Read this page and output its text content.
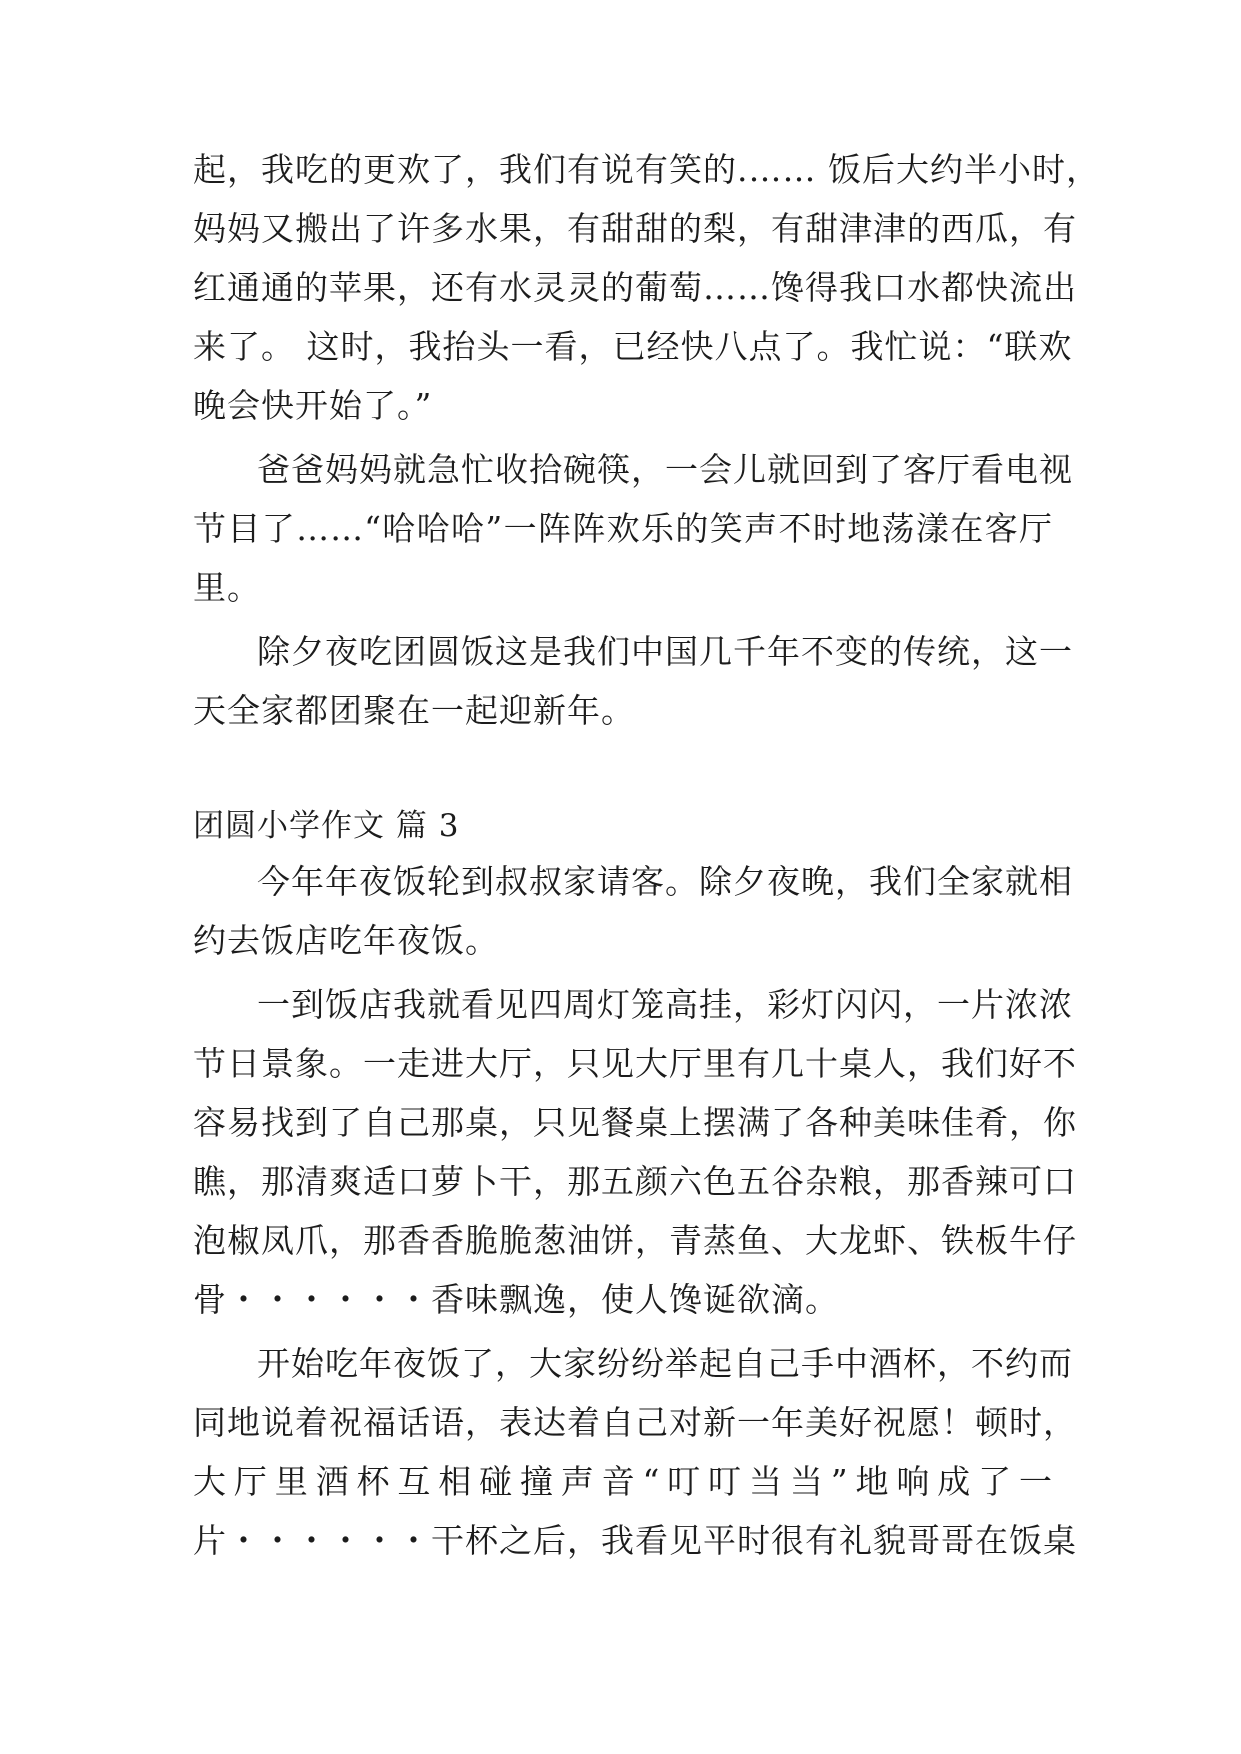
起，我吃的更欢了，我们有说有笑的.…… 饭后大约半小时，
妈妈又搬出了许多水果，有甜甜的梨，有甜津津的西瓜，有
红通通的苹果，还有水灵灵的葡萄……馋得我口水都快流出
来了。 这时，我抬头一看，已经快八点了。我忙说：“联欢
晚会快开始了。”
爸爸妈妈就急忙收拾碗筷，一会儿就回到了客厅看电视
节目了……“哈哈哈”一阵阵欢乐的笑声不时地荡漾在客厅
里。
除夕夜吃团圆饭这是我们中国几千年不变的传统，这一
天全家都团聚在一起迎新年。
团圆小学作文 篇 3
今年年夜饭轮到叔叔家请客。除夕夜晚，我们全家就相
约去饭店吃年夜饭。
一到饭店我就看见四周灯笼高挂，彩灯闪闪，一片浓浓
节日景象。一走进大厅，只见大厅里有几十桌人，我们好不
容易找到了自己那桌，只见餐桌上摆满了各种美味佳肴，你
瞧，那清爽适口萝卜干，那五颜六色五谷杂粮，那香辣可口
泡椒凤爪，那香香脆脆葱油饼，青蒸鱼、大龙虾、铁板牛仔
骨・・・・・・香味飘逸，使人馋诞欲滴。
开始吃年夜饭了，大家纷纷举起自己手中酒杯，不约而
同地说着祝福话语，表达着自己对新一年美好祝愿！顿时，
大厅里酒杯互相碰撞声音“叮叮当当”地响成了一
片・・・・・・干杯之后，我看见平时很有礼貌哥哥在饭桌
